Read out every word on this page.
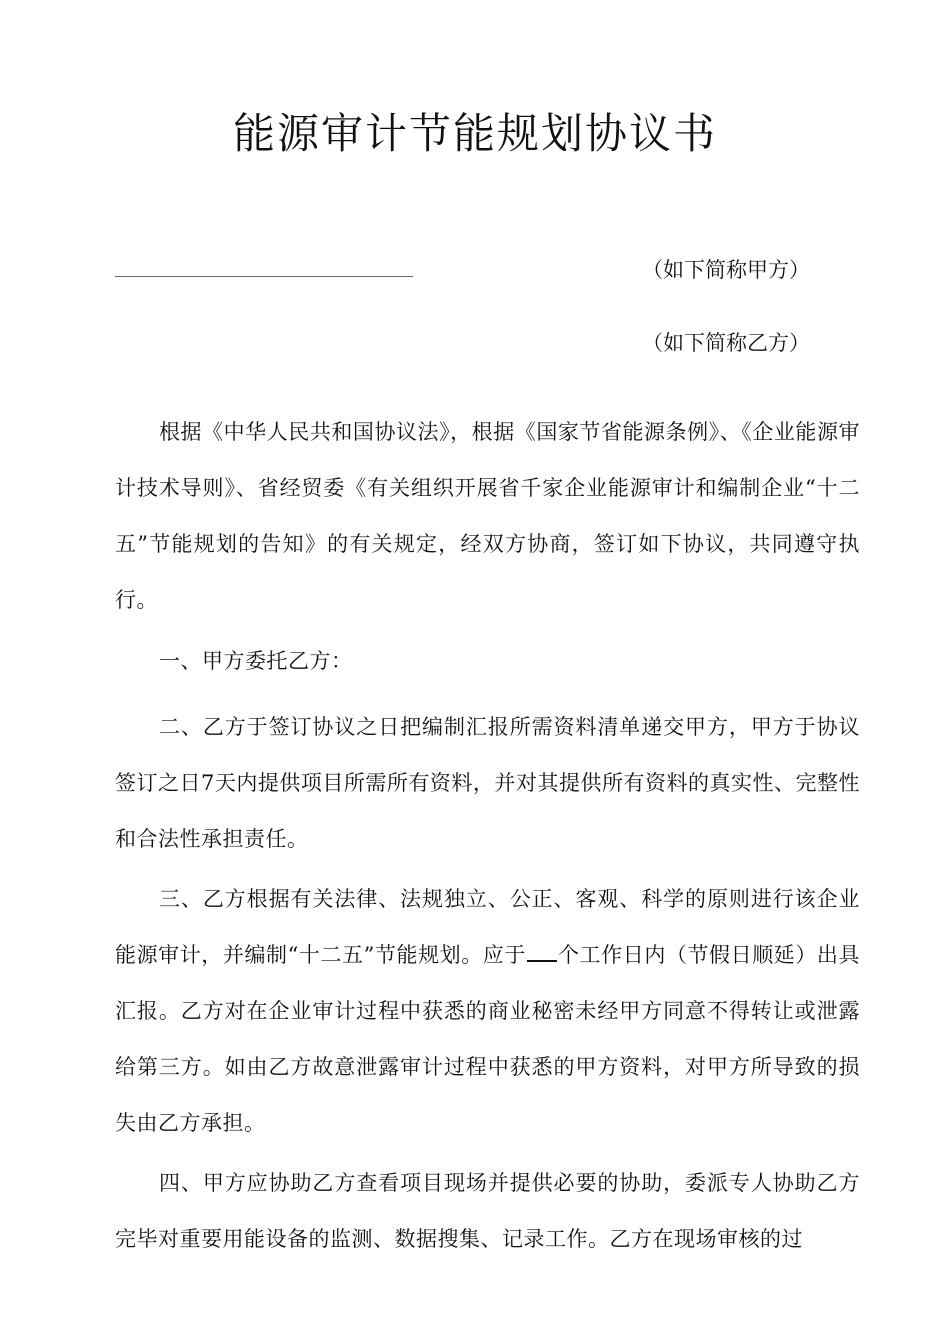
能源审计节能规划协议书
（如下简称甲方）
（如下简称乙方）
根据《中华人民共和国协议法》，根据《国家节省能源条例》、《企业能源审计技术导则》、省经贸委《有关组织开展省千家企业能源审计和编制企业“十二五”节能规划的告知》的有关规定，经双方协商，签订如下协议，共同遵守执行。
一、甲方委托乙方：
二、乙方于签订协议之日把编制汇报所需资料清单递交甲方，甲方于协议签订之日7天内提供项目所需所有资料，并对其提供所有资料的真实性、完整性和合法性承担责任。
三、乙方根据有关法律、法规独立、公正、客观、科学的原则进行该企业能源审计，并编制“十二五”节能规划。应于 个工作日内（节假日顺延）出具汇报。乙方对在企业审计过程中获悉的商业秘密未经甲方同意不得转让或泄露给第三方。如由乙方故意泄露审计过程中获悉的甲方资料，对甲方所导致的损失由乙方承担。
四、甲方应协助乙方查看项目现场并提供必要的协助，委派专人协助乙方完毕对重要用能设备的监测、数据搜集、记录工作。乙方在现场审核的过
